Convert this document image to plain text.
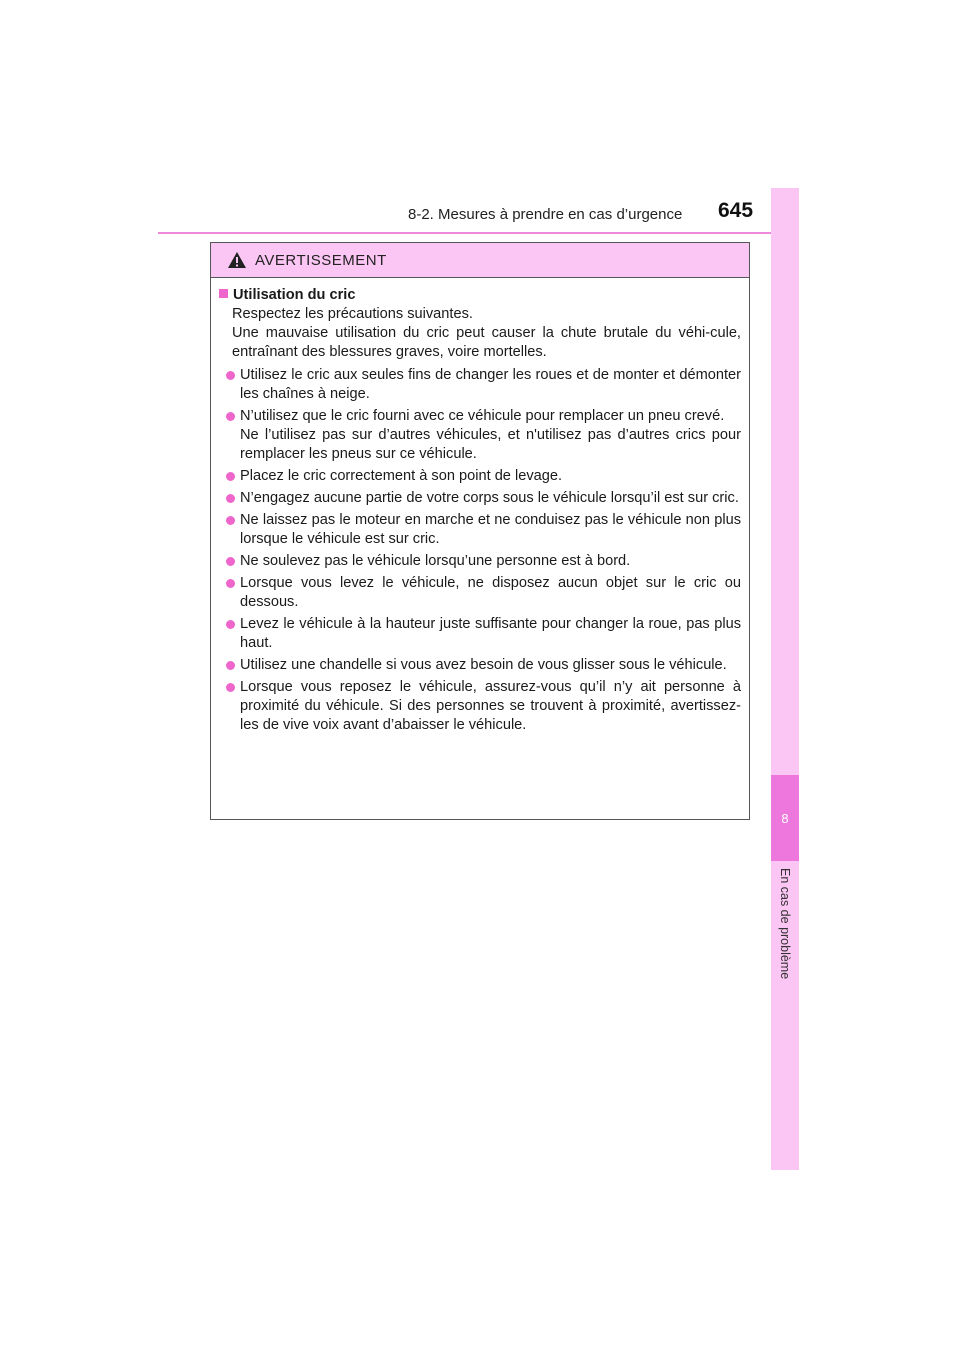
8-2. Mesures à prendre en cas d’urgence 645
8
En cas de problème
AVERTISSEMENT
Utilisation du cric

Respectez les précautions suivantes.

Une mauvaise utilisation du cric peut causer la chute brutale du véhi-cule, entraînant des blessures graves, voire mortelles.

Utilisez le cric aux seules fins de changer les roues et de monter et démonter les chaînes à neige.

N’utilisez que le cric fourni avec ce véhicule pour remplacer un pneu crevé.

Ne l’utilisez pas sur d’autres véhicules, et n'utilisez pas d’autres crics pour remplacer les pneus sur ce véhicule.

Placez le cric correctement à son point de levage.

N’engagez aucune partie de votre corps sous le véhicule lorsqu’il est sur cric.

Ne laissez pas le moteur en marche et ne conduisez pas le véhicule non plus lorsque le véhicule est sur cric.

Ne soulevez pas le véhicule lorsqu’une personne est à bord.

Lorsque vous levez le véhicule, ne disposez aucun objet sur le cric ou dessous.

Levez le véhicule à la hauteur juste suffisante pour changer la roue, pas plus haut.

Utilisez une chandelle si vous avez besoin de vous glisser sous le véhicule.

Lorsque vous reposez le véhicule, assurez-vous qu’il n’y ait personne à proximité du véhicule. Si des personnes se trouvent à proximité, avertissez-les de vive voix avant d’abaisser le véhicule.
